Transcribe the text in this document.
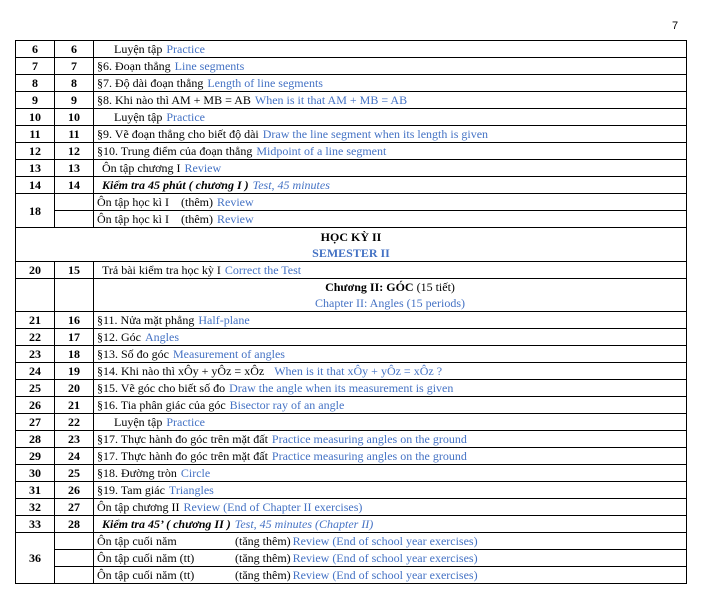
7
6	6	Luyện tập Practice
7	7	§6. Đoạn thẳng Line segments
8	8	§7. Độ dài đoạn thẳng Length of line segments
9	9	§8. Khi nào thì AM + MB = AB When is it that AM + MB = AB
10	10	Luyện tập Practice
11	11	§9. Vẽ đoạn thẳng cho biết độ dài Draw the line segment when its length is given
12	12	§10. Trung điểm của đoạn thẳng Midpoint of a line segment
13	13	Ôn tập chương I Review
14	14	Kiểm tra 45 phút ( chương I ) Test, 45 minutes
18		Ôn tập học kì I (thêm) Review
		Ôn tập học kì I (thêm) Review

HỌC KỲ II
SEMESTER II		

20	15	Trả bài kiểm tra học kỳ I Correct the Test

		Chương II: GÓC (15 tiết)
Chapter II: Angles (15 periods)

21	16	§11. Nửa mặt phẳng Half-plane
22	17	§12. Góc Angles
23	18	§13. Số đo góc Measurement of angles
24	19	§14. Khi nào thì xÔy + yÔz = xÔz When is it that xÔy + yÔz = xÔz ?
25	20	§15. Vẽ góc cho biết số đo Draw the angle when its measurement is given
26	21	§16. Tia phân giác của góc Bisector ray of an angle
27	22	Luyện tập Practice
28	23	§17. Thực hành đo góc trên mặt đất Practice measuring angles on the ground
29	24	§17. Thực hành đo góc trên mặt đất Practice measuring angles on the ground
30	25	§18. Đường tròn Circle
31	26	§19. Tam giác Triangles
32	27	Ôn tập chương II Review (End of Chapter II exercises)
33	28	Kiểm tra 45’ ( chương II ) Test, 45 minutes (Chapter II)
36		Ôn tập cuối năm (tăng thêm) Review (End of school year exercises)
		Ôn tập cuối năm (tt) (tăng thêm) Review (End of school year exercises)
		Ôn tập cuối năm (tt) (tăng thêm) Review (End of school year exercises)
